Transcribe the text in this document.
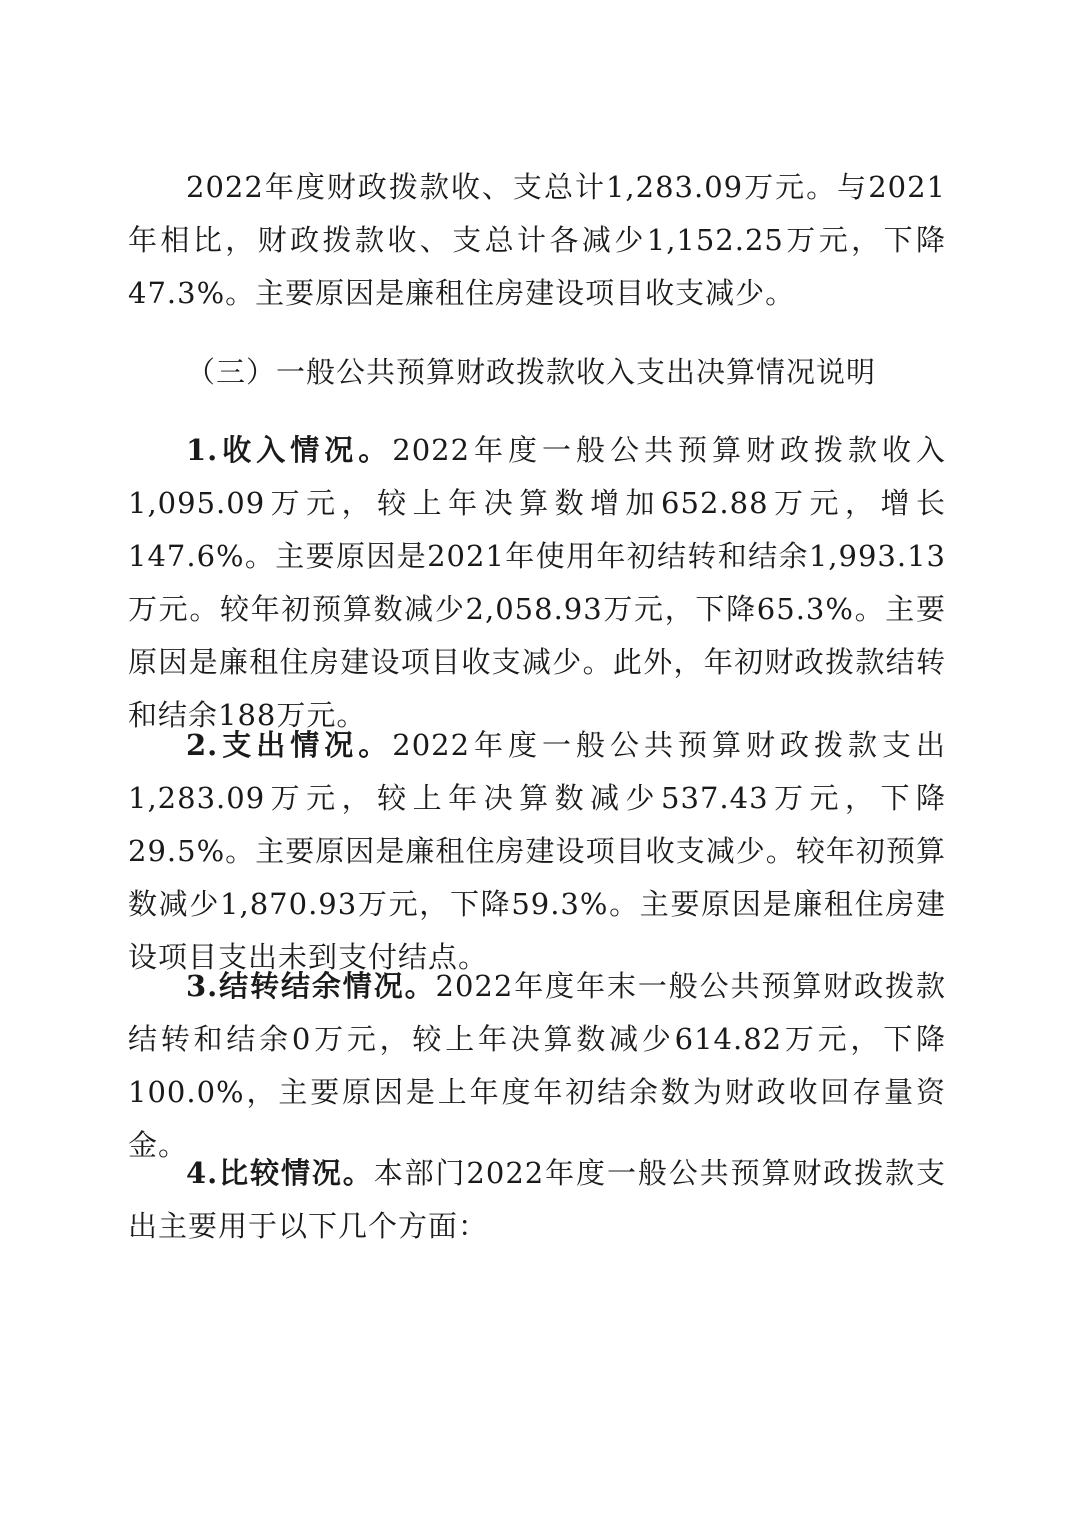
2022年度财政拨款收、支总计1,283.09万元。与2021年相比，财政拨款收、支总计各减少1,152.25万元，下降47.3%。主要原因是廉租住房建设项目收支减少。

（三）一般公共预算财政拨款收入支出决算情况说明

1.收入情况。2022年度一般公共预算财政拨款收入1,095.09万元，较上年决算数增加652.88万元，增长147.6%。主要原因是2021年使用年初结转和结余1,993.13万元。较年初预算数减少2,058.93万元，下降65.3%。主要原因是廉租住房建设项目收支减少。此外，年初财政拨款结转和结余188万元。

2.支出情况。2022年度一般公共预算财政拨款支出1,283.09万元，较上年决算数减少537.43万元，下降29.5%。主要原因是廉租住房建设项目收支减少。较年初预算数减少1,870.93万元，下降59.3%。主要原因是廉租住房建设项目支出未到支付结点。

3.结转结余情况。2022年度年末一般公共预算财政拨款结转和结余0万元，较上年决算数减少614.82万元，下降100.0%，主要原因是上年度年初结余数为财政收回存量资金。

4.比较情况。本部门2022年度一般公共预算财政拨款支出主要用于以下几个方面：
